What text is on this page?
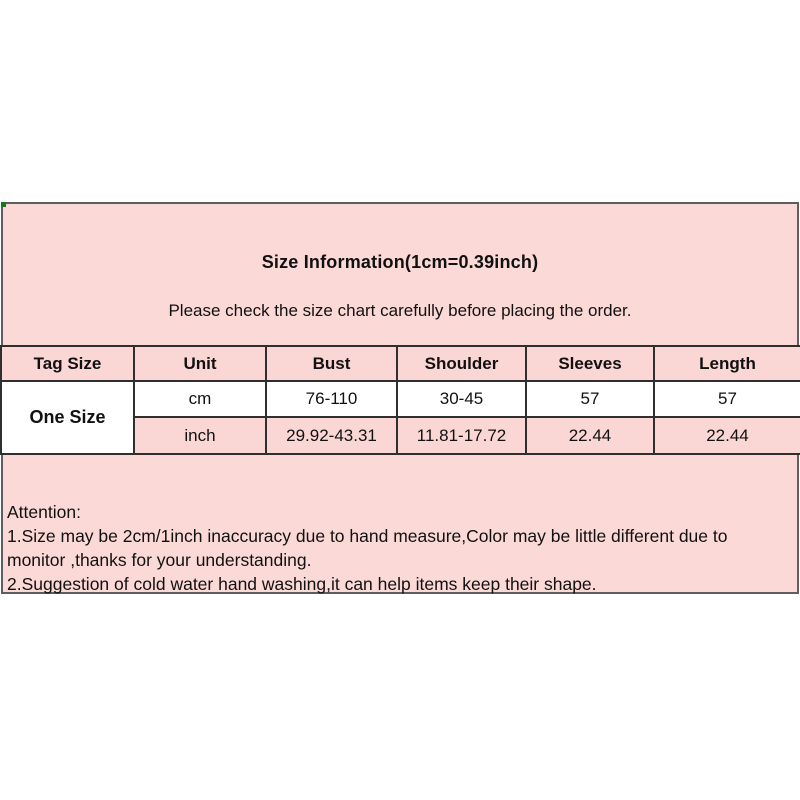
Size Information(1cm=0.39inch)
Please check the size chart carefully before placing the order.
Tag Size	Unit	Bust	Shoulder	Sleeves	Length
One Size	cm	76-110	30-45	57	57
	inch	29.92-43.31	11.81-17.72	22.44	22.44
Attention:
1.Size may be 2cm/1inch inaccuracy due to hand measure,Color may be little different due to
monitor ,thanks for your understanding.
2.Suggestion of cold water hand washing,it can help items keep their shape.
